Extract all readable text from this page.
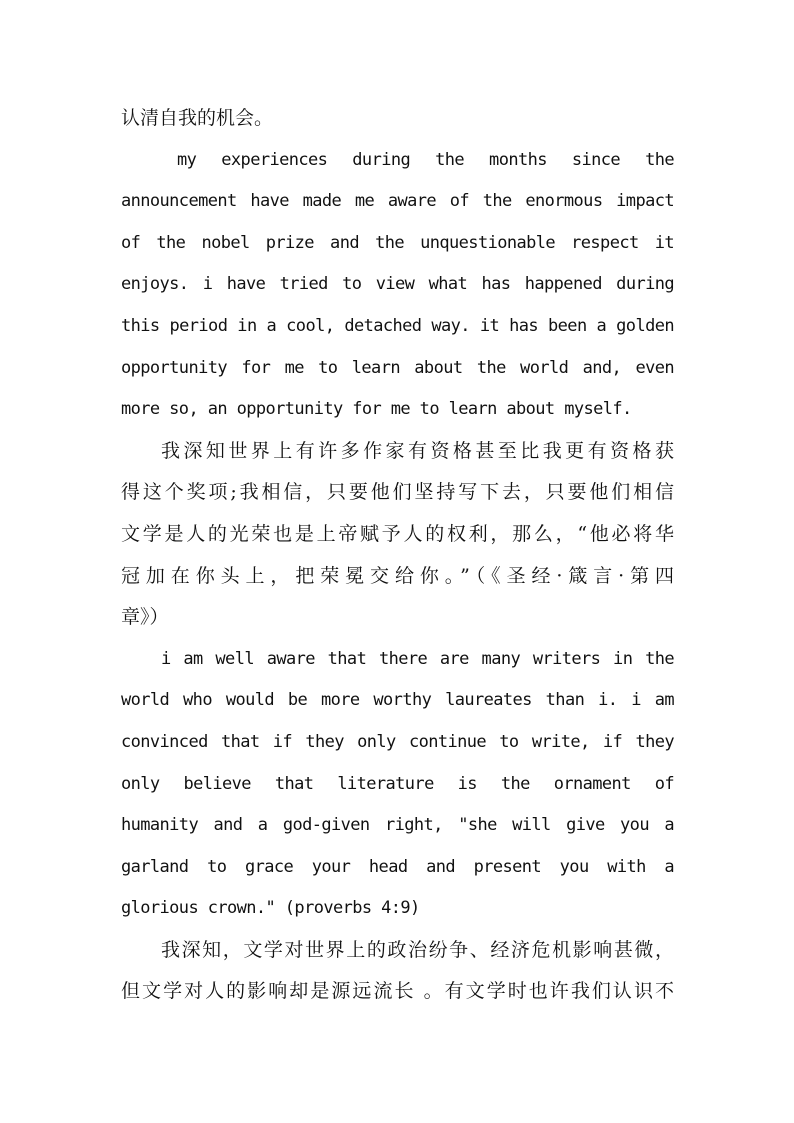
认清自我的机会。
my experiences during the months since the
announcement have made me aware of the enormous impact
of the nobel prize and the unquestionable respect it
enjoys. i have tried to view what has happened during
this period in a cool, detached way. it has been a golden
opportunity for me to learn about the world and, even
more so, an opportunity for me to learn about myself.
我深知世界上有许多作家有资格甚至比我更有资格获
得这个奖项;我相信，只要他们坚持写下去，只要他们相信
文学是人的光荣也是上帝赋予人的权利，那么，“他必将华
冠加在你头上，把荣冕交给你。”（《圣经·箴言·第四
章》）
i am well aware that there are many writers in the
world who would be more worthy laureates than i. i am
convinced that if they only continue to write, if they
only believe that literature is the ornament of
humanity and a god-given right, "she will give you a
garland to grace your head and present you with a
glorious crown." (proverbs 4:9)
我深知，文学对世界上的政治纷争、经济危机影响甚微，
但文学对人的影响却是源远流长 。有文学时也许我们认识不
